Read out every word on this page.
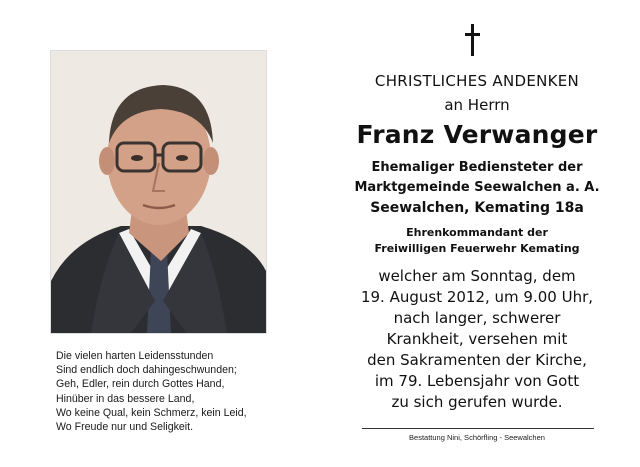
Die vielen harten Leidensstunden
Sind endlich doch dahingeschwunden;
Geh, Edler, rein durch Gottes Hand,
Hinüber in das bessere Land,
Wo keine Qual, kein Schmerz, kein Leid,
Wo Freude nur und Seligkeit.
CHRISTLICHES ANDENKEN
an Herrn
Franz Verwanger
Ehemaliger Bediensteter der
Marktgemeinde Seewalchen a. A.
Seewalchen, Kemating 18a
Ehrenkommandant der
Freiwilligen Feuerwehr Kemating
welcher am Sonntag, dem
19. August 2012, um 9.00 Uhr,
nach langer, schwerer
Krankheit, versehen mit
den Sakramenten der Kirche,
im 79. Lebensjahr von Gott
zu sich gerufen wurde.
Bestattung Nini, Schörfling - Seewalchen
